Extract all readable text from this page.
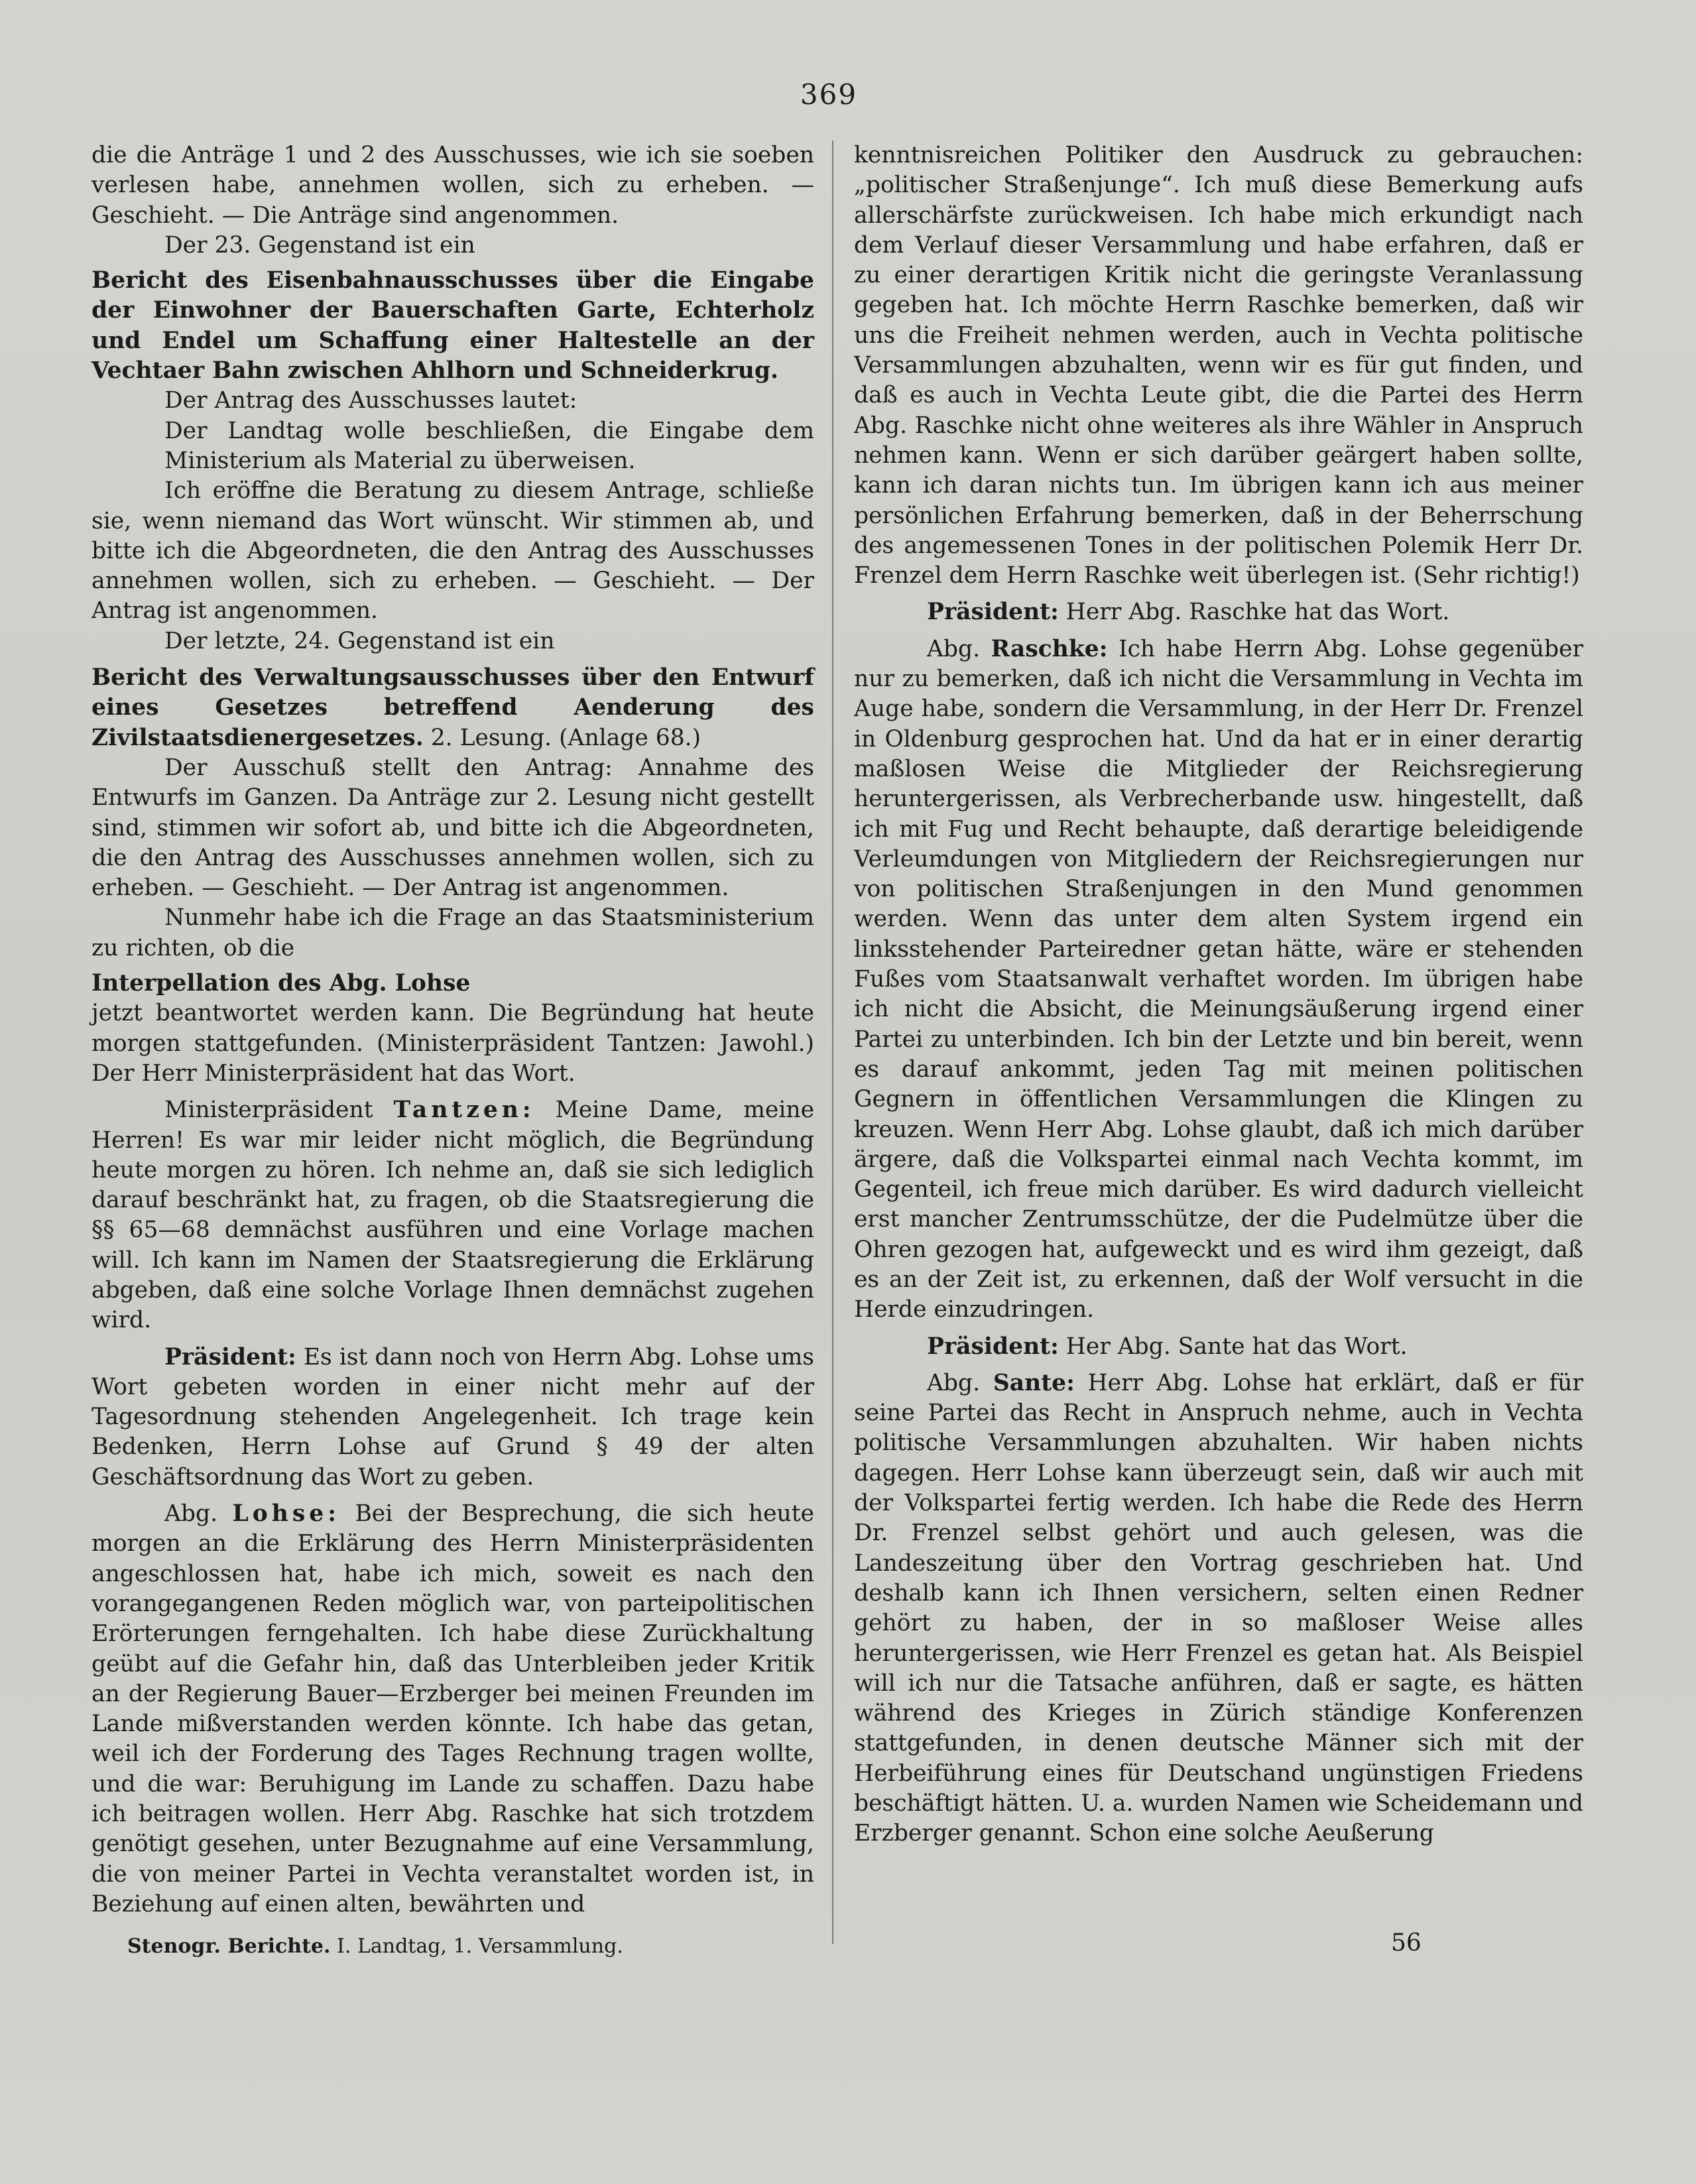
369

die die Anträge 1 und 2 des Ausschusses, wie ich sie soeben verlesen habe, annehmen wollen, sich zu erheben. — Geschieht. — Die Anträge sind angenommen.

Der 23. Gegenstand ist ein

Bericht des Eisenbahnausschusses über die Eingabe der Einwohner der Bauerschaften Garte, Echterholz und Endel um Schaffung einer Haltestelle an der Vechtaer Bahn zwischen Ahlhorn und Schneiderkrug.

Der Antrag des Ausschusses lautet:

Der Landtag wolle beschließen, die Eingabe dem Ministerium als Material zu überweisen.

Ich eröffne die Beratung zu diesem Antrage, schließe sie, wenn niemand das Wort wünscht. Wir stimmen ab, und bitte ich die Abgeordneten, die den Antrag des Ausschusses annehmen wollen, sich zu erheben. — Geschieht. — Der Antrag ist angenommen.

Der letzte, 24. Gegenstand ist ein

Bericht des Verwaltungsausschusses über den Entwurf eines Gesetzes betreffend Aenderung des Zivilstaatsdienergesetzes. 2. Lesung. (Anlage 68.)

Der Ausschuß stellt den Antrag: Annahme des Entwurfs im Ganzen. Da Anträge zur 2. Lesung nicht gestellt sind, stimmen wir sofort ab, und bitte ich die Abgeordneten, die den Antrag des Ausschusses annehmen wollen, sich zu erheben. — Geschieht. — Der Antrag ist angenommen.

Nunmehr habe ich die Frage an das Staatsministerium zu richten, ob die

Interpellation des Abg. Lohse

jetzt beantwortet werden kann. Die Begründung hat heute morgen stattgefunden. (Ministerpräsident Tantzen: Jawohl.) Der Herr Ministerpräsident hat das Wort.

Ministerpräsident Tantzen: Meine Dame, meine Herren! Es war mir leider nicht möglich, die Begründung heute morgen zu hören. Ich nehme an, daß sie sich lediglich darauf beschränkt hat, zu fragen, ob die Staatsregierung die §§ 65—68 demnächst ausführen und eine Vorlage machen will. Ich kann im Namen der Staatsregierung die Erklärung abgeben, daß eine solche Vorlage Ihnen demnächst zugehen wird.

Präsident: Es ist dann noch von Herrn Abg. Lohse ums Wort gebeten worden in einer nicht mehr auf der Tagesordnung stehenden Angelegenheit. Ich trage kein Bedenken, Herrn Lohse auf Grund § 49 der alten Geschäftsordnung das Wort zu geben.

Abg. Lohse: Bei der Besprechung, die sich heute morgen an die Erklärung des Herrn Ministerpräsidenten angeschlossen hat, habe ich mich, soweit es nach den vorangegangenen Reden möglich war, von parteipolitischen Erörterungen ferngehalten. Ich habe diese Zurückhaltung geübt auf die Gefahr hin, daß das Unterbleiben jeder Kritik an der Regierung Bauer—Erzberger bei meinen Freunden im Lande mißverstanden werden könnte. Ich habe das getan, weil ich der Forderung des Tages Rechnung tragen wollte, und die war: Beruhigung im Lande zu schaffen. Dazu habe ich beitragen wollen. Herr Abg. Raschke hat sich trotzdem genötigt gesehen, unter Bezugnahme auf eine Versammlung, die von meiner Partei in Vechta veranstaltet worden ist, in Beziehung auf einen alten, bewährten und

kenntnisreichen Politiker den Ausdruck zu gebrauchen: „politischer Straßenjunge“. Ich muß diese Bemerkung aufs allerschärfste zurückweisen. Ich habe mich erkundigt nach dem Verlauf dieser Versammlung und habe erfahren, daß er zu einer derartigen Kritik nicht die geringste Veranlassung gegeben hat. Ich möchte Herrn Raschke bemerken, daß wir uns die Freiheit nehmen werden, auch in Vechta politische Versammlungen abzuhalten, wenn wir es für gut finden, und daß es auch in Vechta Leute gibt, die die Partei des Herrn Abg. Raschke nicht ohne weiteres als ihre Wähler in Anspruch nehmen kann. Wenn er sich darüber geärgert haben sollte, kann ich daran nichts tun. Im übrigen kann ich aus meiner persönlichen Erfahrung bemerken, daß in der Beherrschung des angemessenen Tones in der politischen Polemik Herr Dr. Frenzel dem Herrn Raschke weit überlegen ist. (Sehr richtig!)

Präsident: Herr Abg. Raschke hat das Wort.

Abg. Raschke: Ich habe Herrn Abg. Lohse gegenüber nur zu bemerken, daß ich nicht die Versammlung in Vechta im Auge habe, sondern die Versammlung, in der Herr Dr. Frenzel in Oldenburg gesprochen hat. Und da hat er in einer derartig maßlosen Weise die Mitglieder der Reichsregierung heruntergerissen, als Verbrecherbande usw. hingestellt, daß ich mit Fug und Recht behaupte, daß derartige beleidigende Verleumdungen von Mitgliedern der Reichsregierungen nur von politischen Straßenjungen in den Mund genommen werden. Wenn das unter dem alten System irgend ein linksstehender Parteiredner getan hätte, wäre er stehenden Fußes vom Staatsanwalt verhaftet worden. Im übrigen habe ich nicht die Absicht, die Meinungsäußerung irgend einer Partei zu unterbinden. Ich bin der Letzte und bin bereit, wenn es darauf ankommt, jeden Tag mit meinen politischen Gegnern in öffentlichen Versammlungen die Klingen zu kreuzen. Wenn Herr Abg. Lohse glaubt, daß ich mich darüber ärgere, daß die Volkspartei einmal nach Vechta kommt, im Gegenteil, ich freue mich darüber. Es wird dadurch vielleicht erst mancher Zentrumsschütze, der die Pudelmütze über die Ohren gezogen hat, aufgeweckt und es wird ihm gezeigt, daß es an der Zeit ist, zu erkennen, daß der Wolf versucht in die Herde einzudringen.

Präsident: Her Abg. Sante hat das Wort.

Abg. Sante: Herr Abg. Lohse hat erklärt, daß er für seine Partei das Recht in Anspruch nehme, auch in Vechta politische Versammlungen abzuhalten. Wir haben nichts dagegen. Herr Lohse kann überzeugt sein, daß wir auch mit der Volkspartei fertig werden. Ich habe die Rede des Herrn Dr. Frenzel selbst gehört und auch gelesen, was die Landeszeitung über den Vortrag geschrieben hat. Und deshalb kann ich Ihnen versichern, selten einen Redner gehört zu haben, der in so maßloser Weise alles heruntergerissen, wie Herr Frenzel es getan hat. Als Beispiel will ich nur die Tatsache anführen, daß er sagte, es hätten während des Krieges in Zürich ständige Konferenzen stattgefunden, in denen deutsche Männer sich mit der Herbeiführung eines für Deutschand ungünstigen Friedens beschäftigt hätten. U. a. wurden Namen wie Scheidemann und Erzberger genannt. Schon eine solche Aeußerung

Stenogr. Berichte. I. Landtag, 1. Versammlung.	56
